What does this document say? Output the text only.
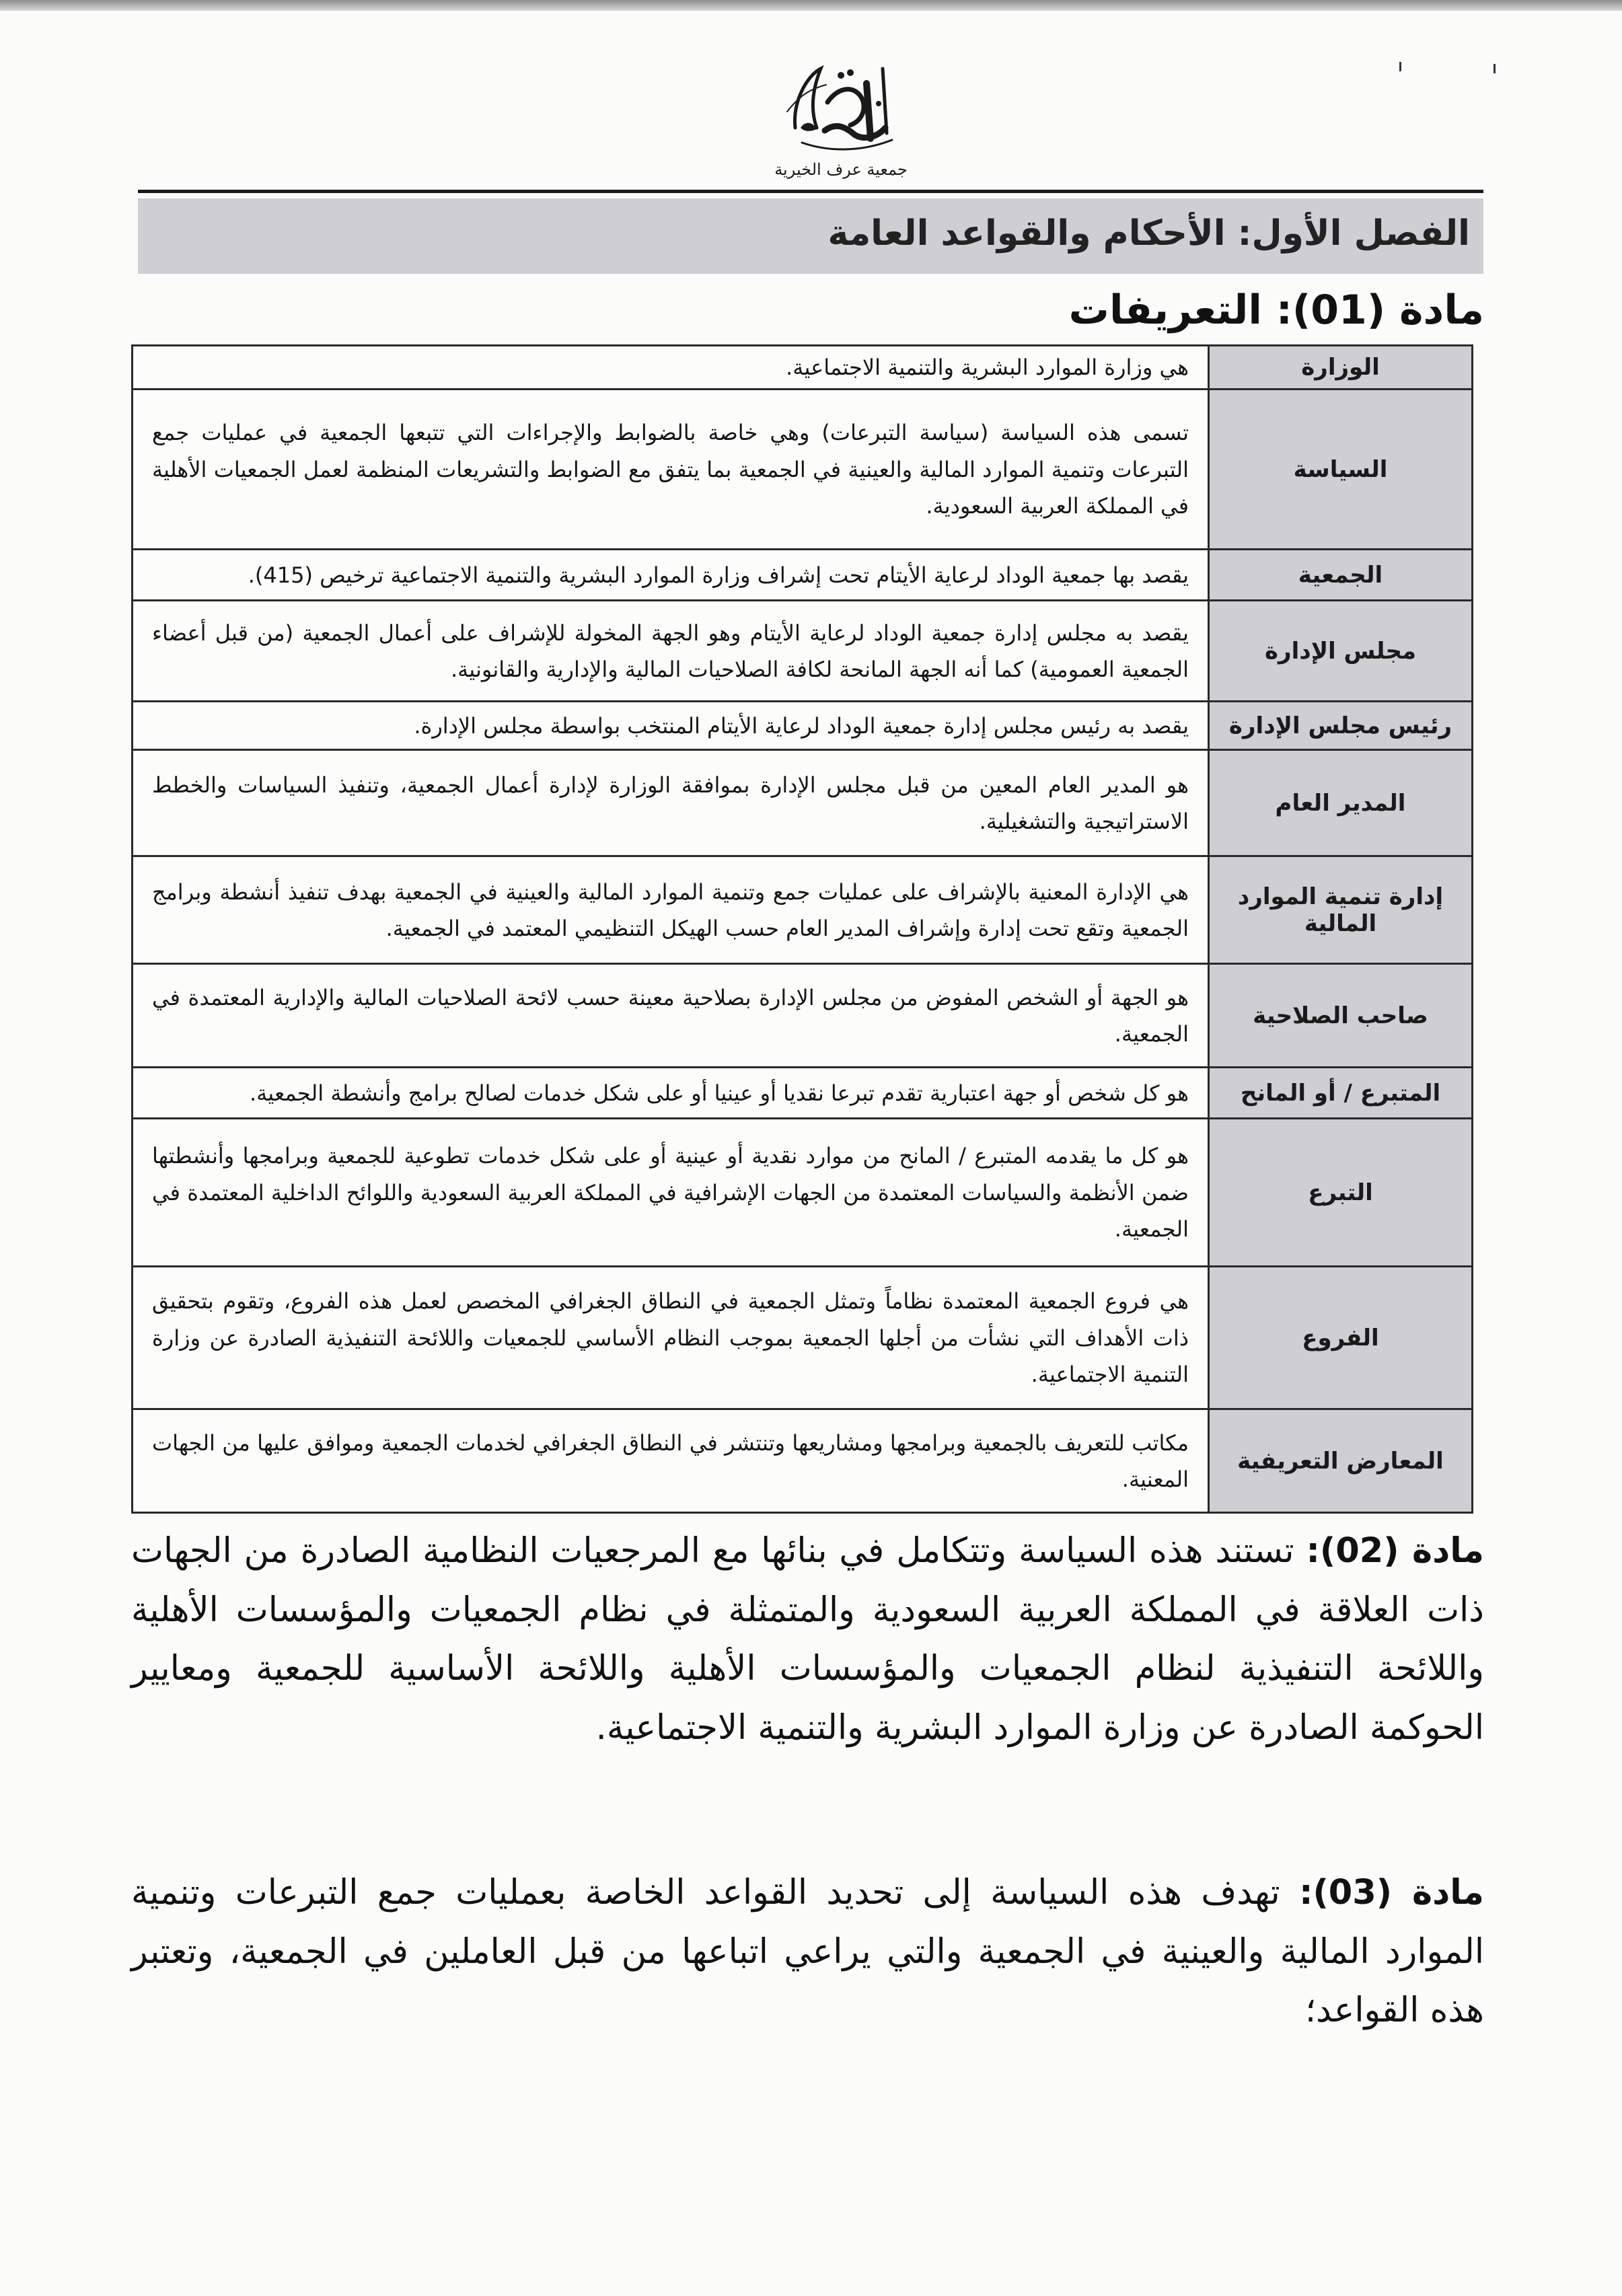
جمعية عرف الخيرية
الفصل الأول: الأحكام والقواعد العامة
مادة (01): التعريفات
الوزارة	هي وزارة الموارد البشرية والتنمية الاجتماعية.
السياسة	تسمى هذه السياسة (سياسة التبرعات) وهي خاصة بالضوابط والإجراءات التي تتبعها الجمعية في عمليات جمع التبرعات وتنمية الموارد المالية والعينية في الجمعية بما يتفق مع الضوابط والتشريعات المنظمة لعمل الجمعيات الأهلية في المملكة العربية السعودية.
الجمعية	يقصد بها جمعية الوداد لرعاية الأيتام تحت إشراف وزارة الموارد البشرية والتنمية الاجتماعية ترخيص (415).
مجلس الإدارة	يقصد به مجلس إدارة جمعية الوداد لرعاية الأيتام وهو الجهة المخولة للإشراف على أعمال الجمعية (من قبل أعضاء الجمعية العمومية) كما أنه الجهة المانحة لكافة الصلاحيات المالية والإدارية والقانونية.
رئيس مجلس الإدارة	يقصد به رئيس مجلس إدارة جمعية الوداد لرعاية الأيتام المنتخب بواسطة مجلس الإدارة.
المدير العام	هو المدير العام المعين من قبل مجلس الإدارة بموافقة الوزارة لإدارة أعمال الجمعية، وتنفيذ السياسات والخطط الاستراتيجية والتشغيلية.
إدارة تنمية الموارد المالية	هي الإدارة المعنية بالإشراف على عمليات جمع وتنمية الموارد المالية والعينية في الجمعية بهدف تنفيذ أنشطة وبرامج الجمعية وتقع تحت إدارة وإشراف المدير العام حسب الهيكل التنظيمي المعتمد في الجمعية.
صاحب الصلاحية	هو الجهة أو الشخص المفوض من مجلس الإدارة بصلاحية معينة حسب لائحة الصلاحيات المالية والإدارية المعتمدة في الجمعية.
المتبرع / أو المانح	هو كل شخص أو جهة اعتبارية تقدم تبرعا نقديا أو عينيا أو على شكل خدمات لصالح برامج وأنشطة الجمعية.
التبرع	هو كل ما يقدمه المتبرع / المانح من موارد نقدية أو عينية أو على شكل خدمات تطوعية للجمعية وبرامجها وأنشطتها ضمن الأنظمة والسياسات المعتمدة من الجهات الإشرافية في المملكة العربية السعودية واللوائح الداخلية المعتمدة في الجمعية.
الفروع	هي فروع الجمعية المعتمدة نظاماً وتمثل الجمعية في النطاق الجغرافي المخصص لعمل هذه الفروع، وتقوم بتحقيق ذات الأهداف التي نشأت من أجلها الجمعية بموجب النظام الأساسي للجمعيات واللائحة التنفيذية الصادرة عن وزارة التنمية الاجتماعية.
المعارض التعريفية	مكاتب للتعريف بالجمعية وبرامجها ومشاريعها وتنتشر في النطاق الجغرافي لخدمات الجمعية وموافق عليها من الجهات المعنية.
مادة (02): تستند هذه السياسة وتتكامل في بنائها مع المرجعيات النظامية الصادرة من الجهات ذات العلاقة في المملكة العربية السعودية والمتمثلة في نظام الجمعيات والمؤسسات الأهلية واللائحة التنفيذية لنظام الجمعيات والمؤسسات الأهلية واللائحة الأساسية للجمعية ومعايير الحوكمة الصادرة عن وزارة الموارد البشرية والتنمية الاجتماعية.
مادة (03): تهدف هذه السياسة إلى تحديد القواعد الخاصة بعمليات جمع التبرعات وتنمية الموارد المالية والعينية في الجمعية والتي يراعي اتباعها من قبل العاملين في الجمعية، وتعتبر هذه القواعد؛
